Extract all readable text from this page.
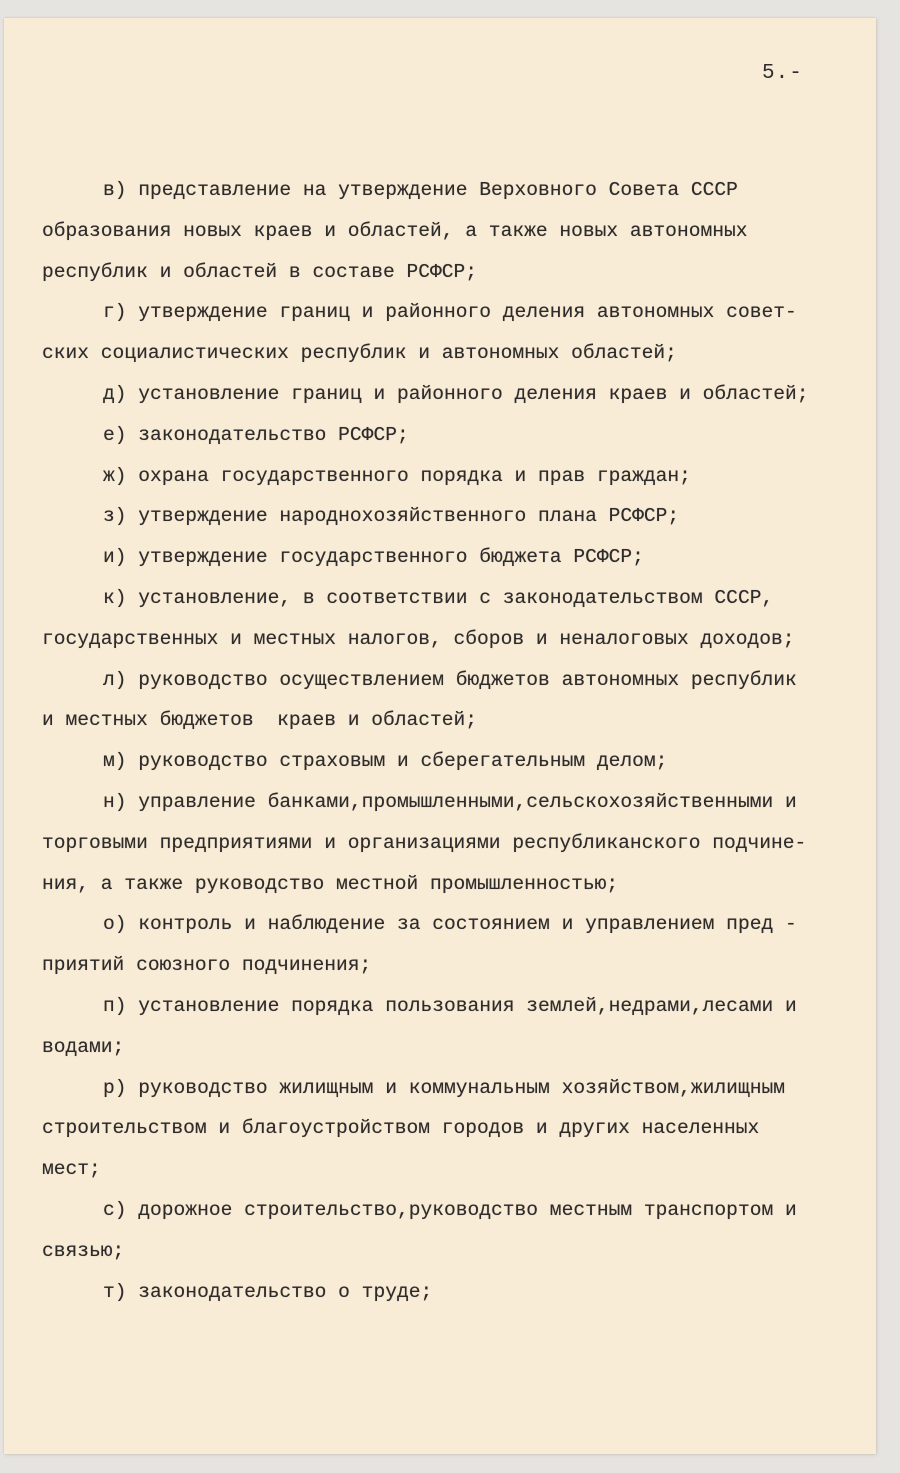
5.-
в) представление на утверждение Верховного Совета СССР
образования новых краев и областей, а также новых автономных
республик и областей в составе РСФСР;
г) утверждение границ и районного деления автономных совет-
ских социалистических республик и автономных областей;
д) установление границ и районного деления краев и областей;
е) законодательство РСФСР;
ж) охрана государственного порядка и прав граждан;
з) утверждение народнохозяйственного плана РСФСР;
и) утверждение государственного бюджета РСФСР;
к) установление, в соответствии с законодательством СССР,
государственных и местных налогов, сборов и неналоговых доходов;
л) руководство осуществлением бюджетов автономных республик
и местных бюджетов  краев и областей;
м) руководство страховым и сберегательным делом;
н) управление банками,промышленными,сельскохозяйственными и
торговыми предприятиями и организациями республиканского подчине-
ния, а также руководство местной промышленностью;
о) контроль и наблюдение за состоянием и управлением пред -
приятий союзного подчинения;
п) установление порядка пользования землей,недрами,лесами и
водами;
р) руководство жилищным и коммунальным хозяйством,жилищным
строительством и благоустройством городов и других населенных
мест;
с) дорожное строительство,руководство местным транспортом и
связью;
т) законодательство о труде;
